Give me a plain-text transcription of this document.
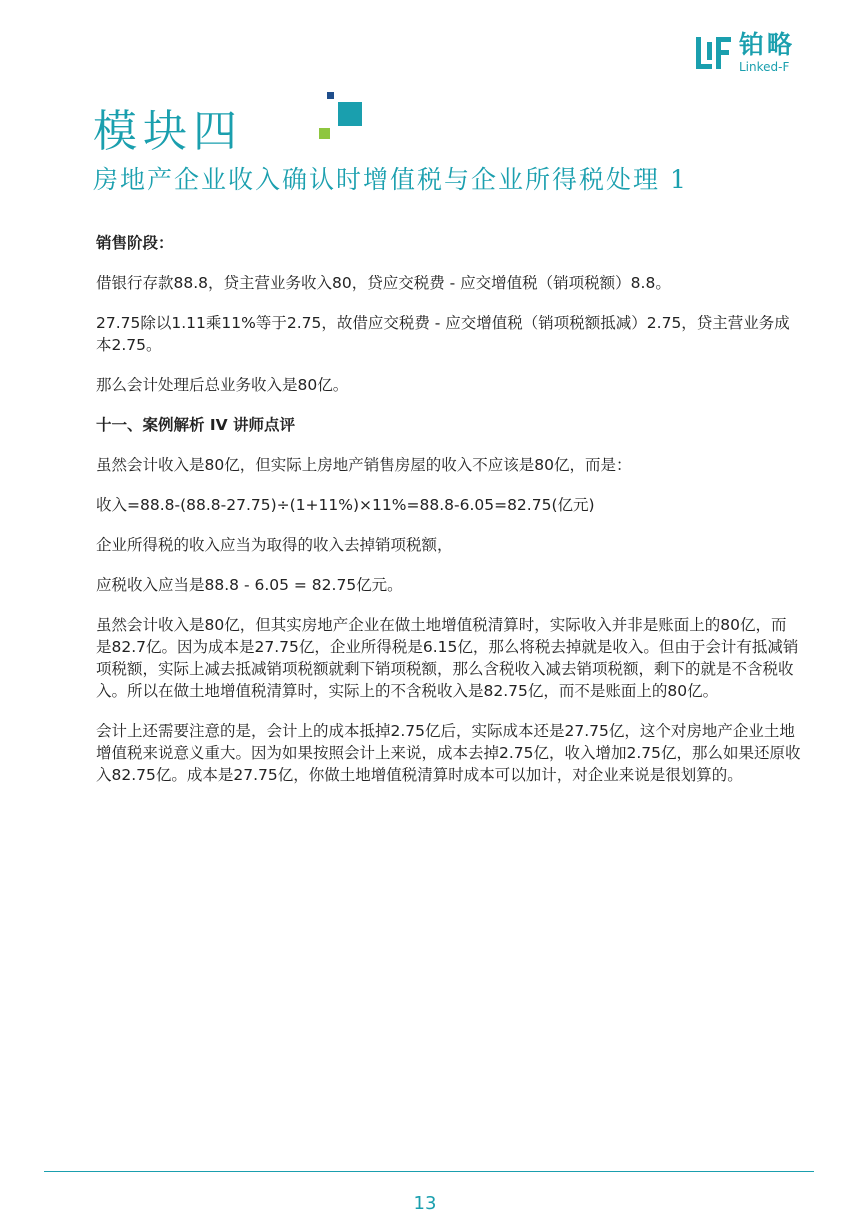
铂略
Linked-F
模块四
房地产企业收入确认时增值税与企业所得税处理 1

销售阶段：

借银行存款88.8，贷主营业务收入80，贷应交税费 - 应交增值税（销项税额）8.8。

27.75除以1.11乘11%等于2.75，故借应交税费 - 应交增值税（销项税额抵减）2.75，贷主营业务成本2.75。

那么会计处理后总业务收入是80亿。

十一、案例解析 IV 讲师点评

虽然会计收入是80亿，但实际上房地产销售房屋的收入不应该是80亿，而是：

收入=88.8-(88.8-27.75)÷(1+11%)×11%=88.8-6.05=82.75(亿元)

企业所得税的收入应当为取得的收入去掉销项税额，

应税收入应当是88.8 - 6.05 = 82.75亿元。

虽然会计收入是80亿，但其实房地产企业在做土地增值税清算时，实际收入并非是账面上的80亿，而是82.7亿。因为成本是27.75亿，企业所得税是6.15亿，那么将税去掉就是收入。但由于会计有抵减销项税额，实际上减去抵减销项税额就剩下销项税额，那么含税收入减去销项税额，剩下的就是不含税收入。所以在做土地增值税清算时，实际上的不含税收入是82.75亿，而不是账面上的80亿。

会计上还需要注意的是，会计上的成本抵掉2.75亿后，实际成本还是27.75亿，这个对房地产企业土地增值税来说意义重大。因为如果按照会计上来说，成本去掉2.75亿，收入增加2.75亿，那么如果还原收入82.75亿。成本是27.75亿，你做土地增值税清算时成本可以加计，对企业来说是很划算的。

13
